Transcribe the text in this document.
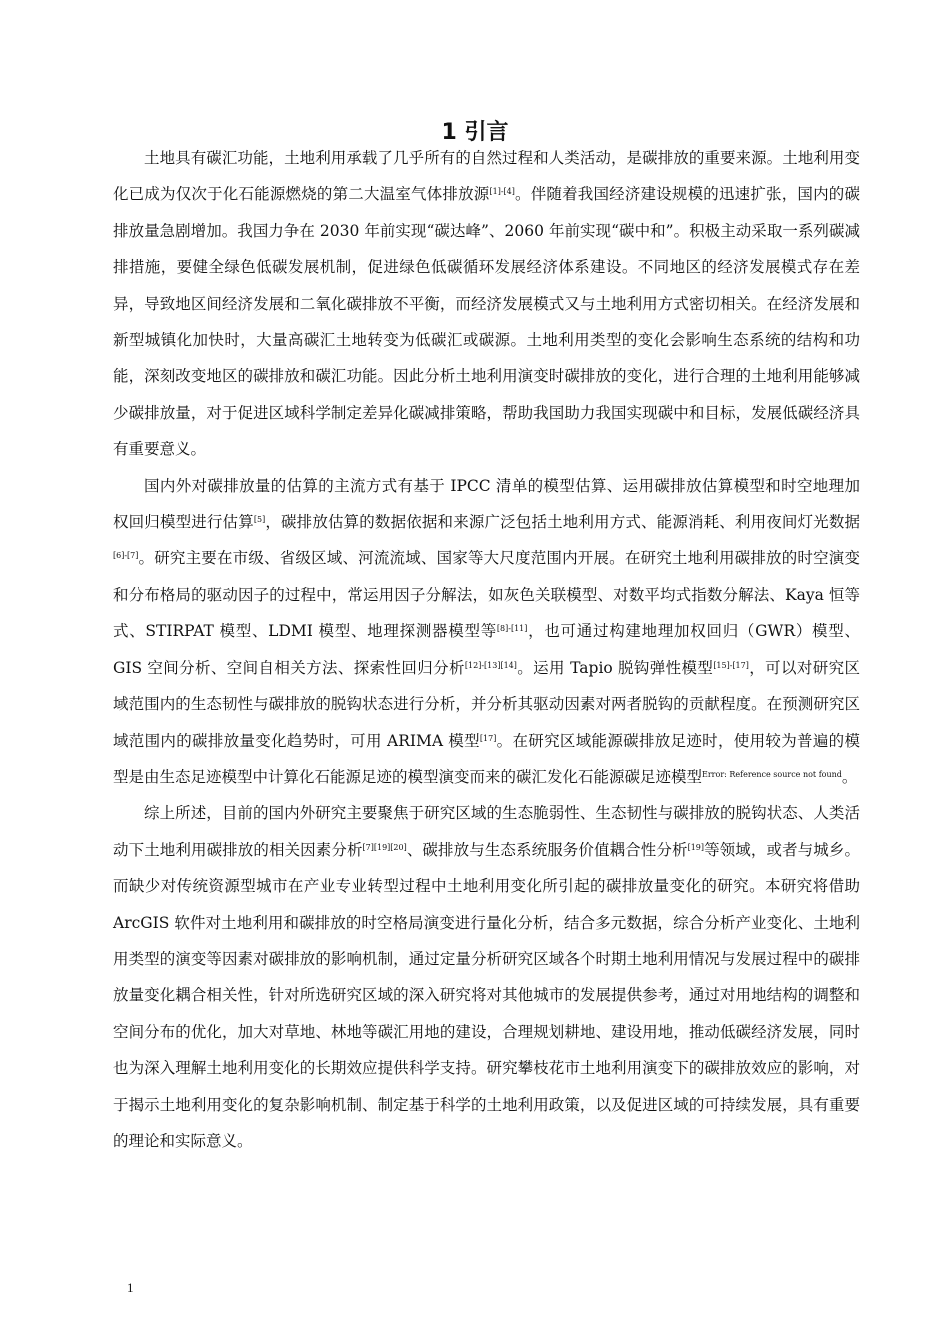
1 引言

土地具有碳汇功能，土地利用承载了几乎所有的自然过程和人类活动，是碳排放的重要来源。土地利用变化已成为仅次于化石能源燃烧的第二大温室气体排放源[1]-[4]。伴随着我国经济建设规模的迅速扩张，国内的碳排放量急剧增加。我国力争在 2030 年前实现“碳达峰”、2060 年前实现“碳中和”。积极主动采取一系列碳减排措施，要健全绿色低碳发展机制，促进绿色低碳循环发展经济体系建设。不同地区的经济发展模式存在差异，导致地区间经济发展和二氧化碳排放不平衡，而经济发展模式又与土地利用方式密切相关。在经济发展和新型城镇化加快时，大量高碳汇土地转变为低碳汇或碳源。土地利用类型的变化会影响生态系统的结构和功能，深刻改变地区的碳排放和碳汇功能。因此分析土地利用演变时碳排放的变化，进行合理的土地利用能够减少碳排放量，对于促进区域科学制定差异化碳减排策略，帮助我国助力我国实现碳中和目标，发展低碳经济具有重要意义。

国内外对碳排放量的估算的主流方式有基于 IPCC 清单的模型估算、运用碳排放估算模型和时空地理加权回归模型进行估算[5]，碳排放估算的数据依据和来源广泛包括土地利用方式、能源消耗、利用夜间灯光数据[6]-[7]。研究主要在市级、省级区域、河流流域、国家等大尺度范围内开展。在研究土地利用碳排放的时空演变和分布格局的驱动因子的过程中，常运用因子分解法，如灰色关联模型、对数平均式指数分解法、Kaya 恒等式、STIRPAT 模型、LDMI 模型、地理探测器模型等[8]-[11]，也可通过构建地理加权回归（GWR）模型、GIS 空间分析、空间自相关方法、探索性回归分析[12]-[13][14]。运用 Tapio 脱钩弹性模型[15]-[17]，可以对研究区域范围内的生态韧性与碳排放的脱钩状态进行分析，并分析其驱动因素对两者脱钩的贡献程度。在预测研究区域范围内的碳排放量变化趋势时，可用 ARIMA 模型[17]。在研究区域能源碳排放足迹时，使用较为普遍的模型是由生态足迹模型中计算化石能源足迹的模型演变而来的碳汇发化石能源碳足迹模型$^{Error: Reference source not found}$。

综上所述，目前的国内外研究主要聚焦于研究区域的生态脆弱性、生态韧性与碳排放的脱钩状态、人类活动下土地利用碳排放的相关因素分析[7][19][20]、碳排放与生态系统服务价值耦合性分析[19]等领域，或者与城乡。而缺少对传统资源型城市在产业专业转型过程中土地利用变化所引起的碳排放量变化的研究。本研究将借助 ArcGIS 软件对土地利用和碳排放的时空格局演变进行量化分析，结合多元数据，综合分析产业变化、土地利用类型的演变等因素对碳排放的影响机制，通过定量分析研究区域各个时期土地利用情况与发展过程中的碳排放量变化耦合相关性，针对所选研究区域的深入研究将对其他城市的发展提供参考，通过对用地结构的调整和空间分布的优化，加大对草地、林地等碳汇用地的建设，合理规划耕地、建设用地，推动低碳经济发展，同时也为深入理解土地利用变化的长期效应提供科学支持。研究攀枝花市土地利用演变下的碳排放效应的影响，对于揭示土地利用变化的复杂影响机制、制定基于科学的土地利用政策，以及促进区域的可持续发展，具有重要的理论和实际意义。

1
